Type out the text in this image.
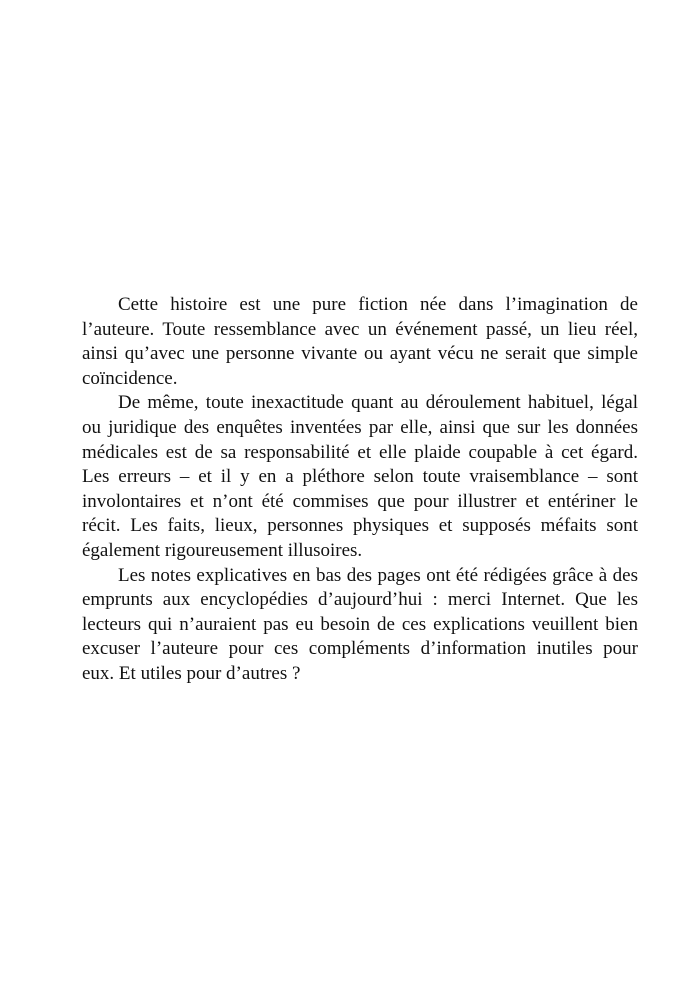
Cette histoire est une pure fiction née dans l’imagination de
l’auteure. Toute ressemblance avec un événement passé, un lieu réel,
ainsi qu’avec une personne vivante ou ayant vécu ne serait que simple
coïncidence.

De même, toute inexactitude quant au déroulement habituel, légal
ou juridique des enquêtes inventées par elle, ainsi que sur les données
médicales est de sa responsabilité et elle plaide coupable à cet égard.
Les erreurs – et il y en a pléthore selon toute vraisemblance – sont
involontaires et n’ont été commises que pour illustrer et entériner le
récit. Les faits, lieux, personnes physiques et supposés méfaits sont
également rigoureusement illusoires.

Les notes explicatives en bas des pages ont été rédigées grâce à des
emprunts aux encyclopédies d’aujourd’hui : merci Internet. Que les
lecteurs qui n’auraient pas eu besoin de ces explications veuillent bien
excuser l’auteure pour ces compléments d’information inutiles pour
eux. Et utiles pour d’autres ?
